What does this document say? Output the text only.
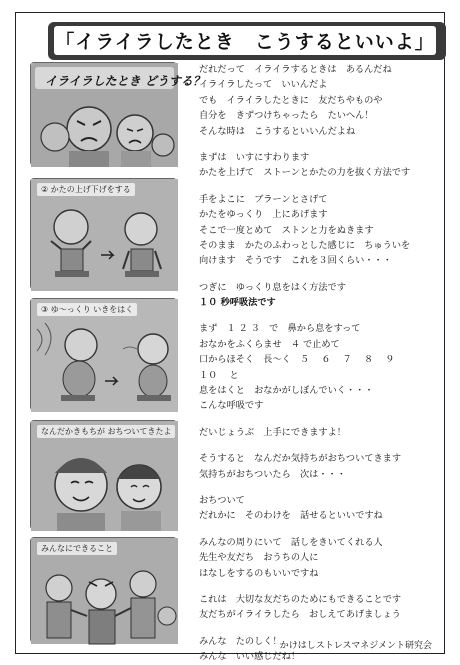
「イライラしたとき　こうするといいよ」
イライラしたとき どうする？
② かたの上げ下げをする
③ ゆ〜っくり いきをはく
なんだかきもちが おちついてきたよ
みんなにできること
だれだって　イライラするときは　あるんだね
イライラしたって　いいんだよ
でも　イライラしたときに　友だちやものや
自分を　きずつけちゃったら　たいへん！
そんな時は　こうするといいんだよね
まずは　いすにすわります
かたを上げて　ストーンとかたの力を抜く方法です
手をよこに　ブラーンとさげて
かたをゆっくり　上にあげます
そこで一度とめて　ストンと力をぬきます
そのまま　かたのふわっとした感じに　ちゅういを
向けます　そうです　これを３回くらい・・・
つぎに　ゆっくり息をはく方法です
１０ 秒呼吸法です
まず　１ ２ ３　で　鼻から息をすって
おなかをふくらませ　４ で止めて
口からほそく　長～く　５　 ６　 ７　 ８　 ９
１０　 と
息をはくと　おなかがしぼんでいく・・・
こんな呼吸です
だいじょうぶ　上手にできますよ！
そうすると　なんだか気持ちがおちついてきます
気持ちがおちついたら　次は・・・
おちついて
だれかに　そのわけを　話せるといいですね
みんなの周りにいて　話しをきいてくれる人
先生や友だち　おうちの人に
はなしをするのもいいですね
これは　大切な友だちのためにもできることです
友だちがイライラしたら　おしえてあげましょう
みんな　たのしく！
みんな　いい感じだね！
かけはしストレスマネジメント研究会
